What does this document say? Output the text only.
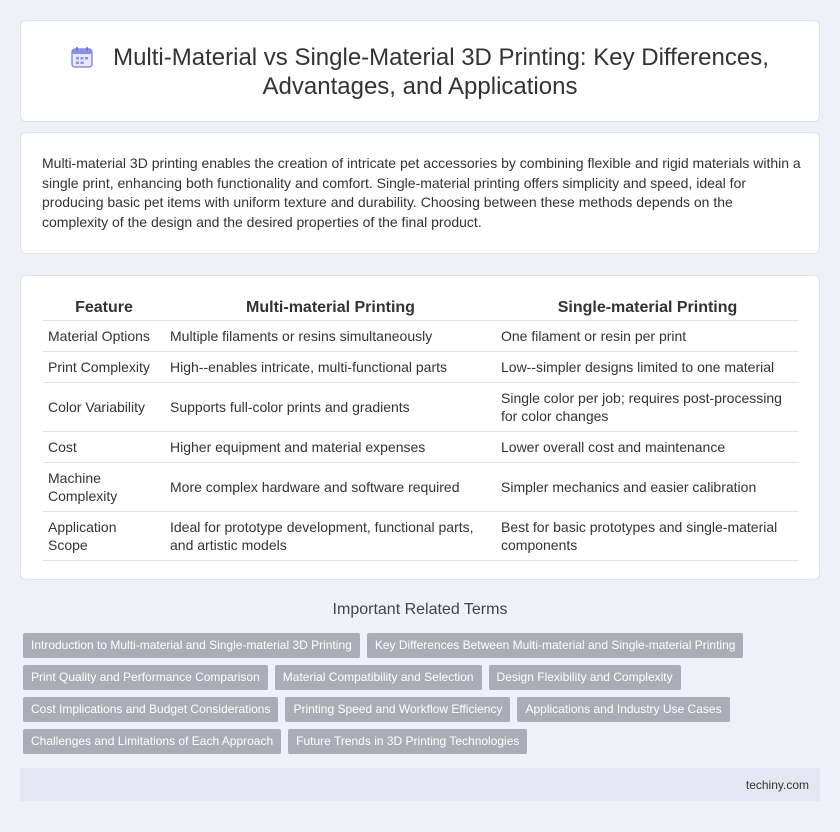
Multi-Material vs Single-Material 3D Printing: Key Differences, Advantages, and Applications

Multi-material 3D printing enables the creation of intricate pet accessories by combining flexible and rigid materials within a single print, enhancing both functionality and comfort. Single-material printing offers simplicity and speed, ideal for producing basic pet items with uniform texture and durability. Choosing between these methods depends on the complexity of the design and the desired properties of the final product.

Feature	Multi-material Printing	Single-material Printing
Material Options	Multiple filaments or resins simultaneously	One filament or resin per print
Print Complexity	High--enables intricate, multi-functional parts	Low--simpler designs limited to one material
Color Variability	Supports full-color prints and gradients	Single color per job; requires post-processing for color changes
Cost	Higher equipment and material expenses	Lower overall cost and maintenance
Machine Complexity	More complex hardware and software required	Simpler mechanics and easier calibration
Application Scope	Ideal for prototype development, functional parts, and artistic models	Best for basic prototypes and single-material components
Important Related Terms
Introduction to Multi-material and Single-material 3D Printing	Key Differences Between Multi-material and Single-material Printing
Print Quality and Performance Comparison	Material Compatibility and Selection	Design Flexibility and Complexity
Cost Implications and Budget Considerations	Printing Speed and Workflow Efficiency	Applications and Industry Use Cases
Challenges and Limitations of Each Approach	Future Trends in 3D Printing Technologies
techiny.com
